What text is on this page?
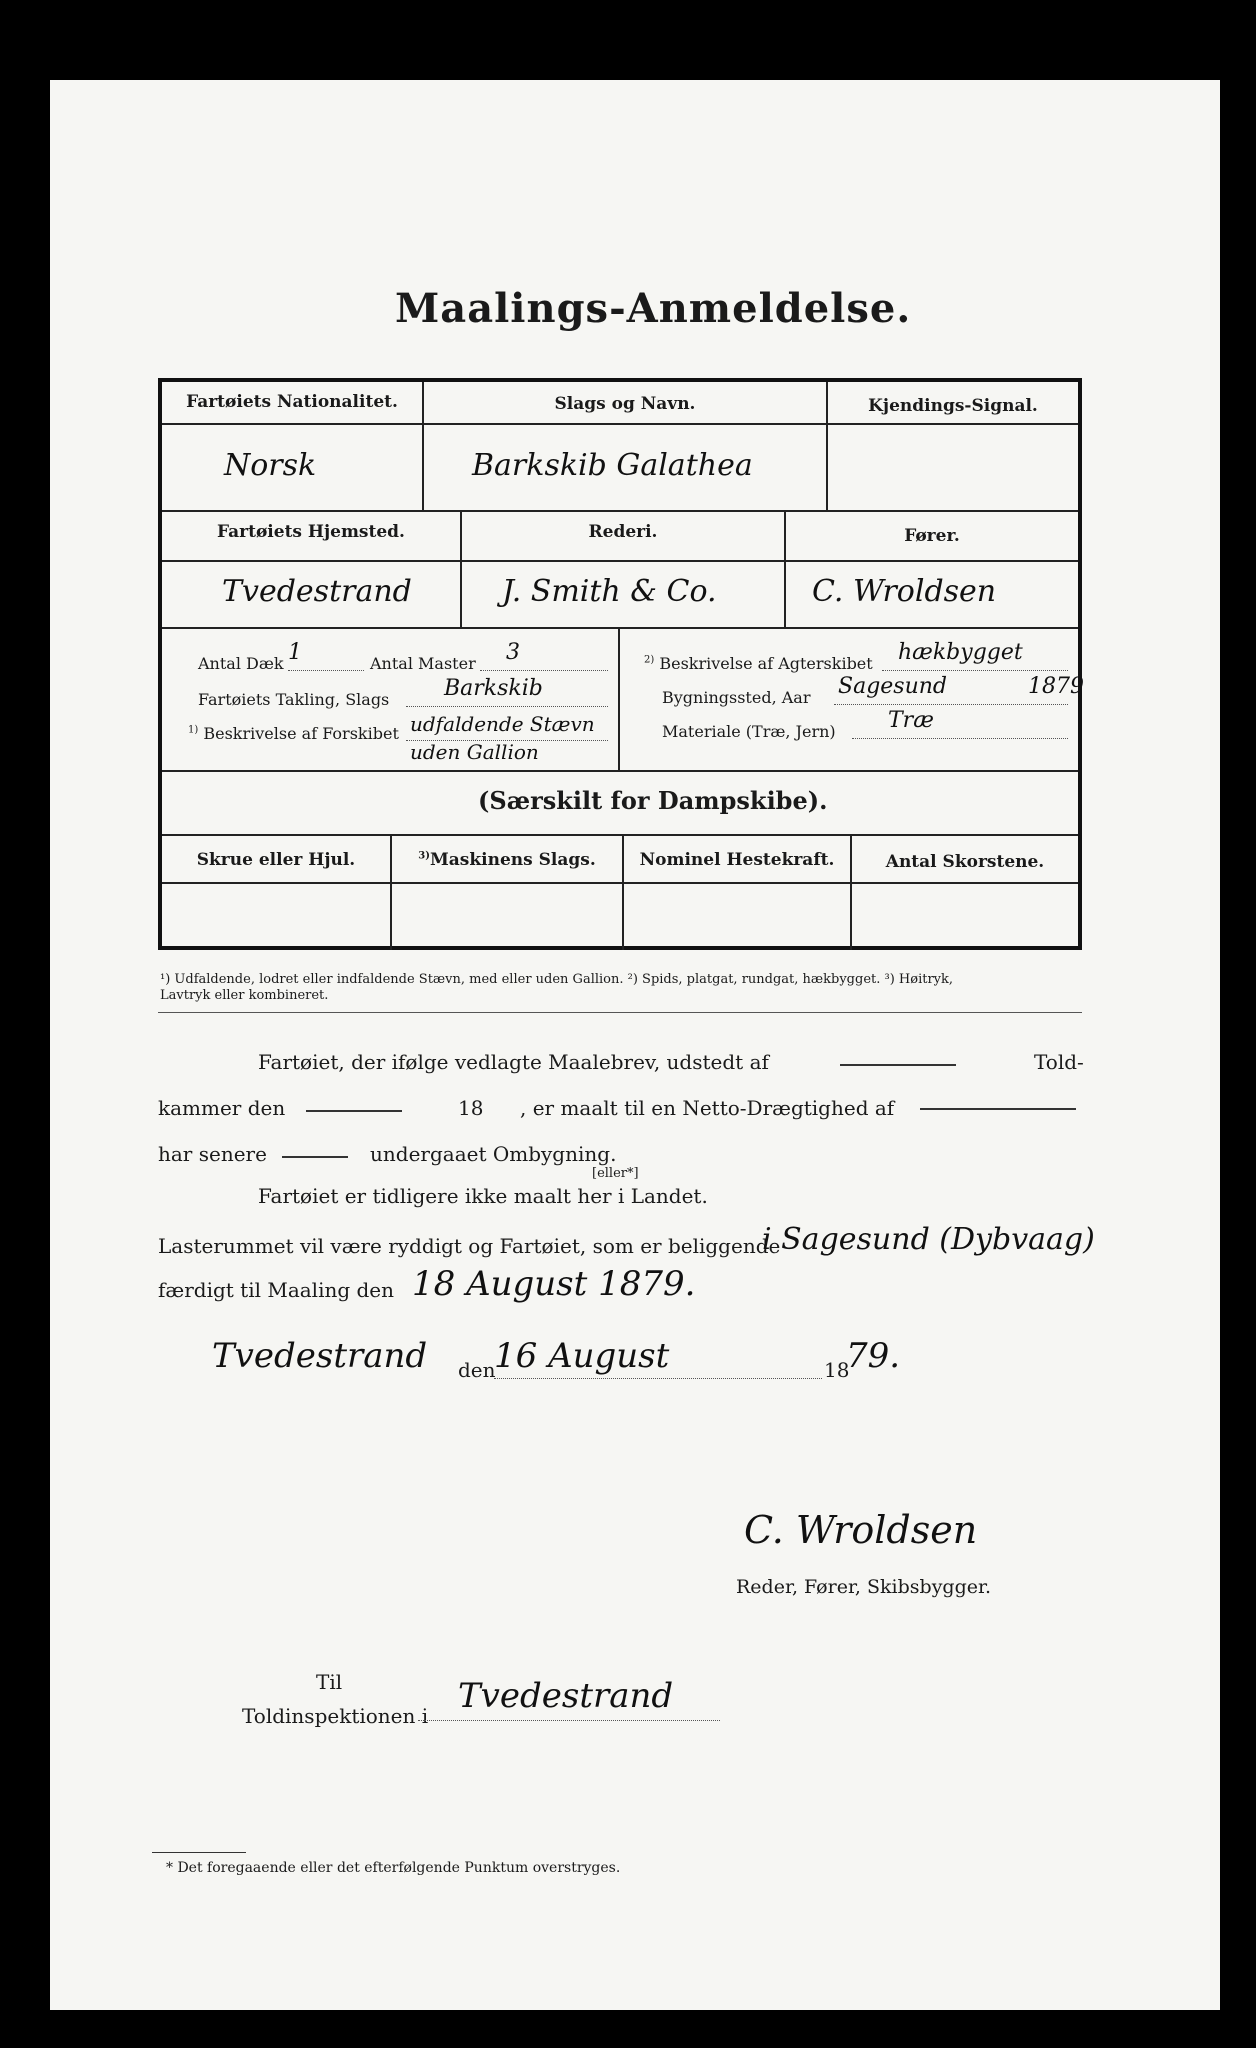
Maalings-Anmeldelse.
Fartøiets Nationalitet.	Slags og Navn.	Kjendings-Signal.
Norsk	Barkskib Galathea
Fartøiets Hjemsted.	Rederi.	Fører.
Tvedestrand	J. Smith & Co.	C. Wroldsen
Antal Dæk 1	Antal Master 3
Fartøiets Takling, Slags Barkskib
$^{1)}$ Beskrivelse af Forskibet udfaldende Stævn
uden Gallion
$^{2)}$ Beskrivelse af Agterskibet hækbygget
Bygningssted, Aar Sagesund	1879
Materiale (Træ, Jern) Træ
(Særskilt for Dampskibe).
Skrue eller Hjul.	$^{3)}$Maskinens Slags.	Nominel Hestekraft.	Antal Skorstene.
¹) Udfaldende, lodret eller indfaldende Stævn, med eller uden Gallion. ²) Spids, platgat, rundgat, hækbygget. ³) Høitryk,
Lavtryk eller kombineret.
Fartøiet, der ifølge vedlagte Maalebrev, udstedt af	Told-
kammer den	18 , er maalt til en Netto-Drægtighed af
har senere	undergaaet Ombygning.
[eller*]
Fartøiet er tidligere ikke maalt her i Landet.
Lasterummet vil være ryddigt og Fartøiet, som er beliggende
i Sagesund (Dybvaag)
færdigt til Maaling den 18 August 1879.
Tvedestrand den
16 August	18
79.
C. Wroldsen
Reder, Fører, Skibsbygger.
Til
Toldinspektionen i Tvedestrand
* Det foregaaende eller det efterfølgende Punktum overstryges.
